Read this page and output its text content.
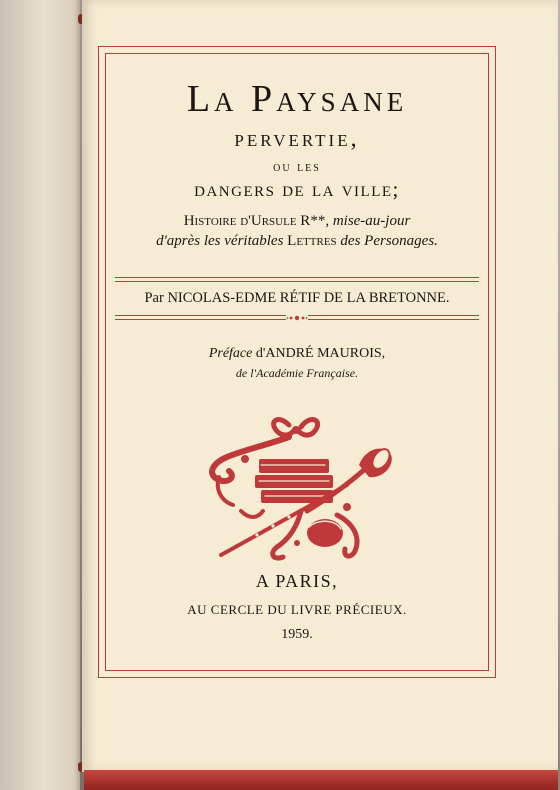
La Paysane
pervertie,
ou les
dangers de la ville;
Histoire d'Ursule R**, mise-au-jour
d'après les véritables Lettres des Personages.
Par NICOLAS-EDME RÉTIF DE LA BRETONNE.
Préface d'ANDRÉ MAUROIS,
de l'Académie Française.
A PARIS,
AU CERCLE DU LIVRE PRÉCIEUX.
1959.
